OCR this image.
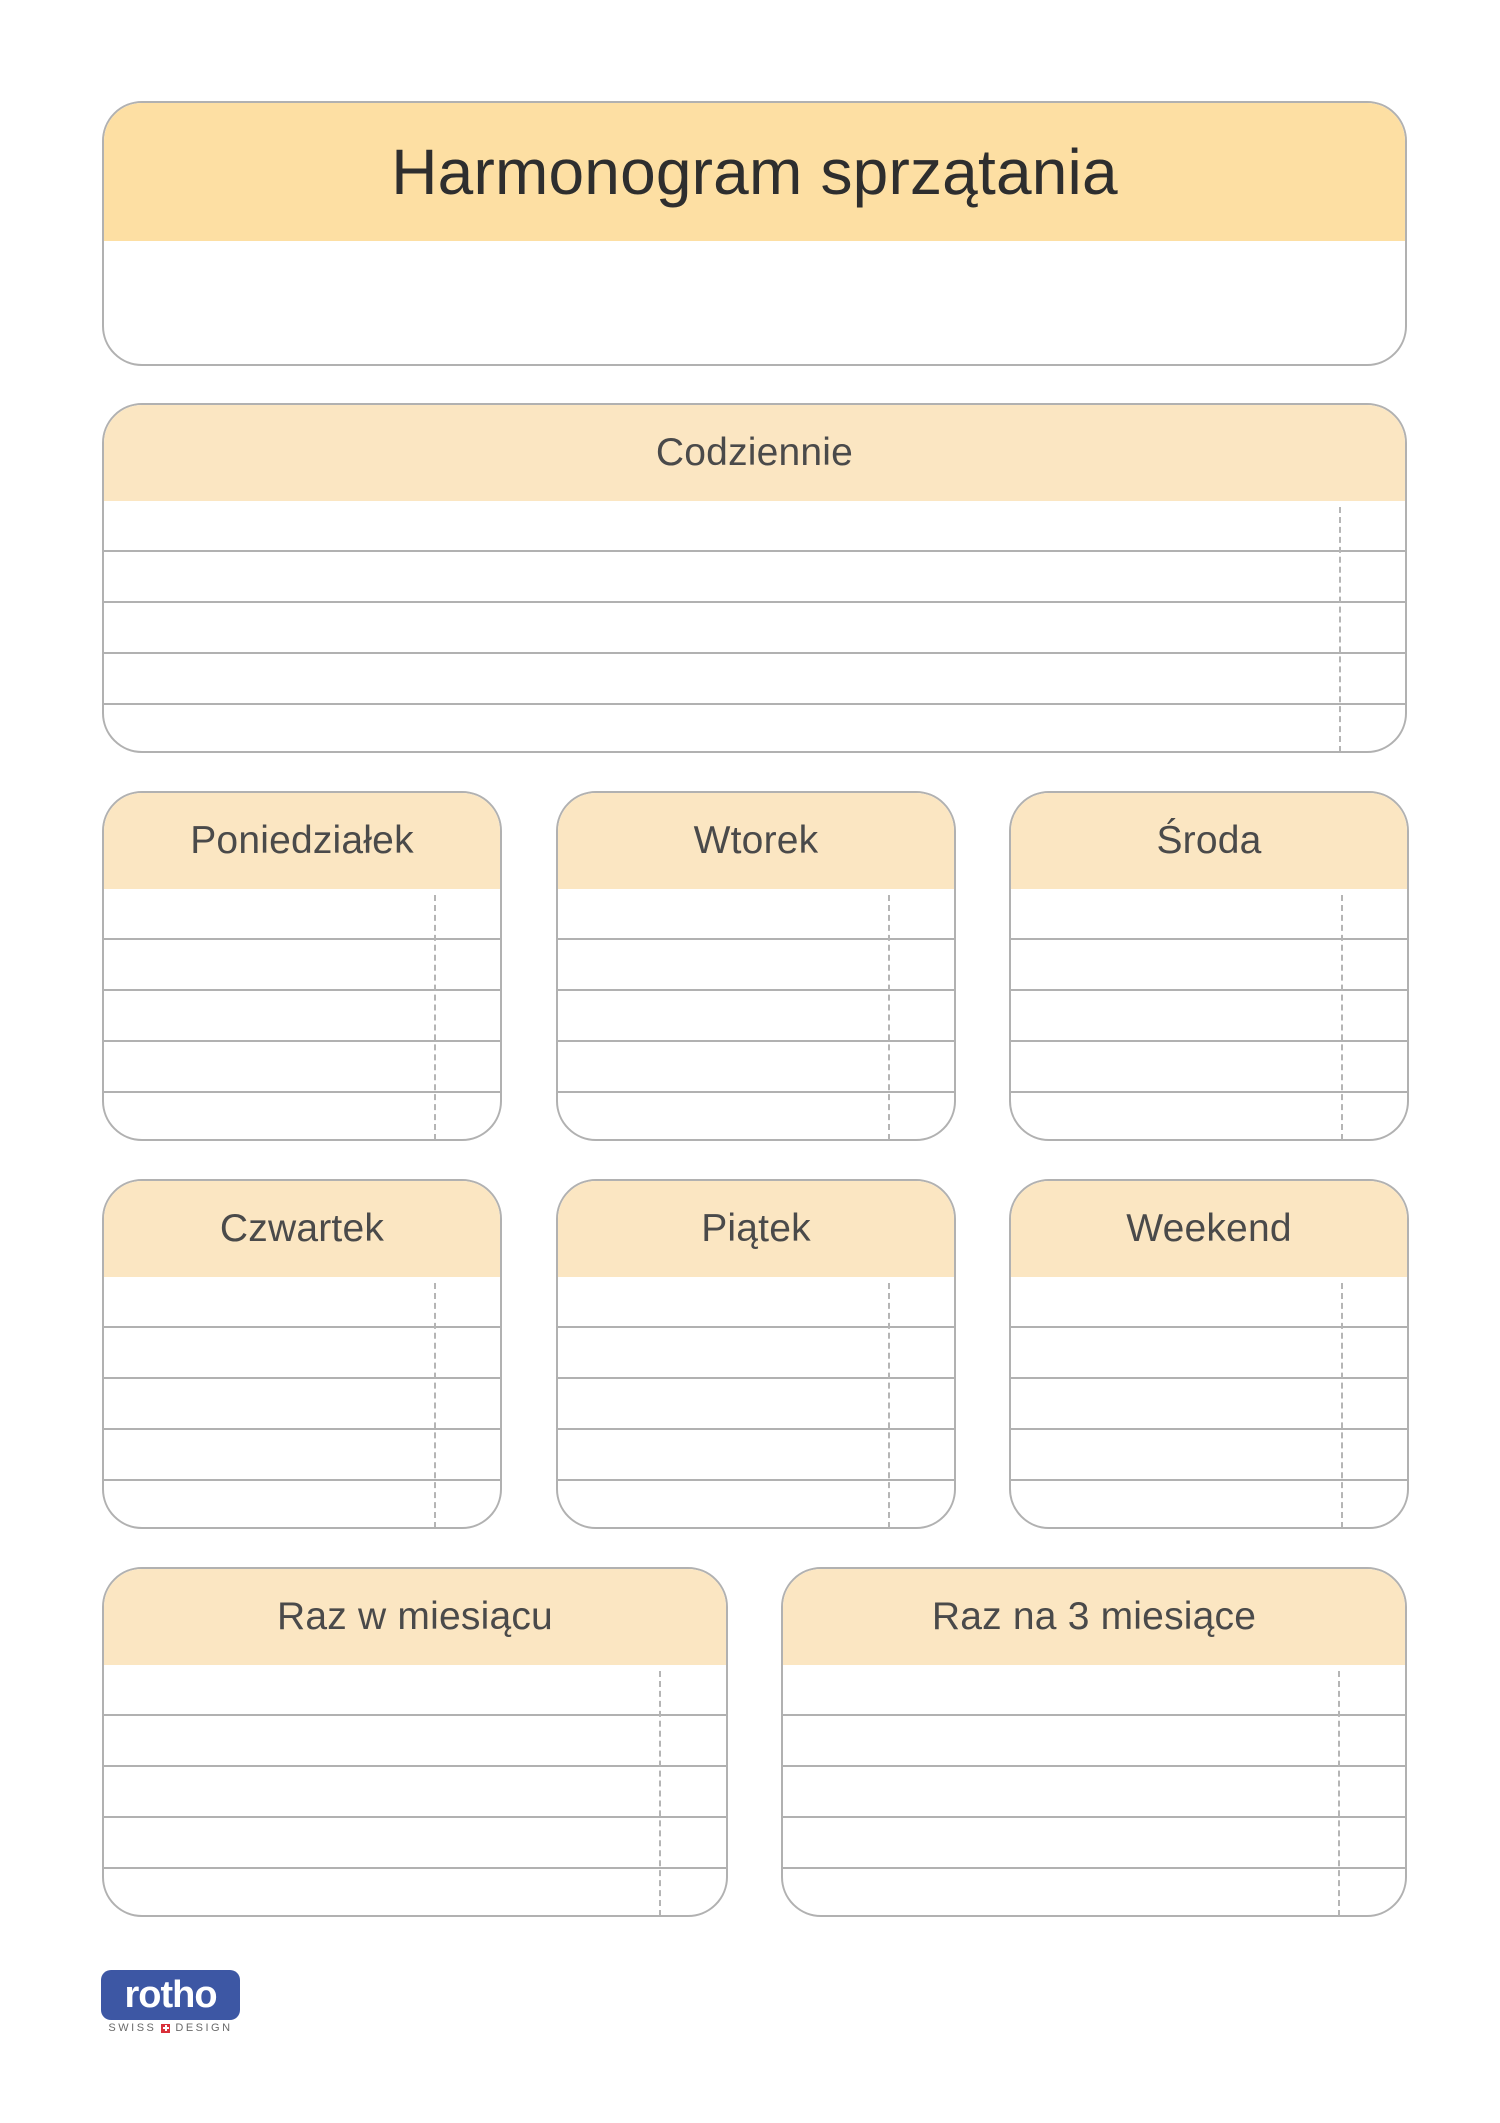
Harmonogram sprzątania
Codziennie
Poniedziałek	Wtorek	Środa
Czwartek	Piątek	Weekend
Raz w miesiącu	Raz na 3 miesiące
rotho
SWISS DESIGN
